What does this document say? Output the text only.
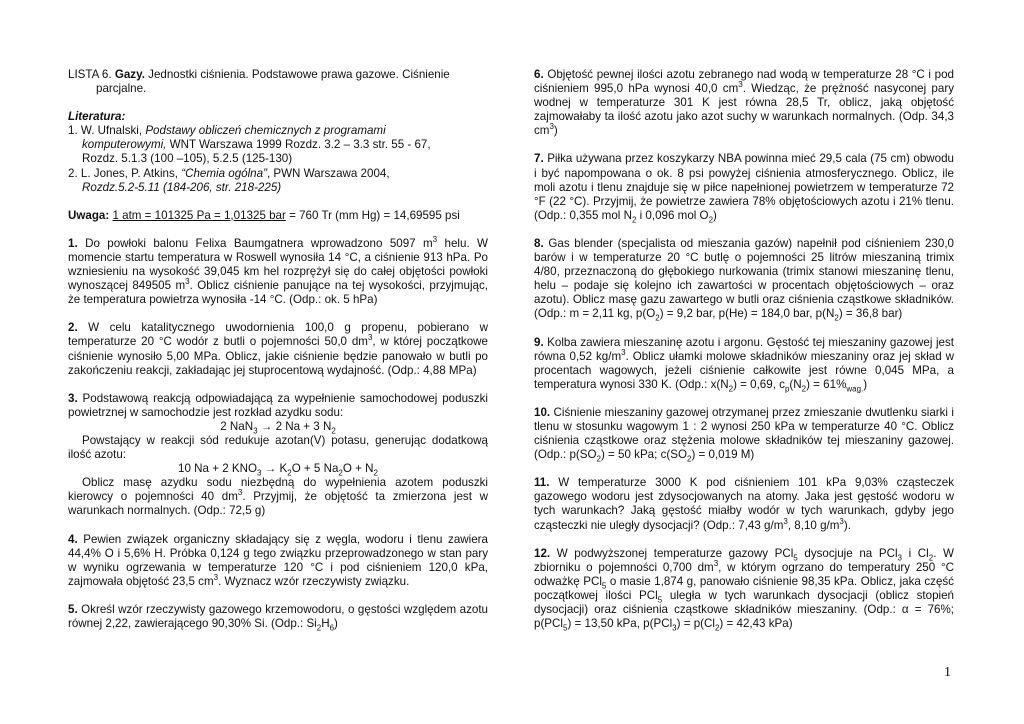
LISTA 6. Gazy. Jednostki ciśnienia. Podstawowe prawa gazowe. Ciśnienie
parcjalne.

Literatura:

1. W. Ufnalski, Podstawy obliczeń chemicznych z programami
komputerowymi, WNT Warszawa 1999 Rozdz. 3.2 – 3.3 str. 55 - 67,
Rozdz. 5.1.3 (100 –105), 5.2.5 (125-130)

2. L. Jones, P. Atkins, “Chemia ogólna”, PWN Warszawa 2004,
Rozdz.5.2-5.11 (184-206, str. 218-225)

Uwaga: 1 atm = 101325 Pa = 1,01325 bar = 760 Tr (mm Hg) = 14,69595 psi

1. Do powłoki balonu Felixa Baumgatnera wprowadzono 5097 $m^3$ helu. W momencie startu temperatura w Roswell wynosiła 14 °C, a ciśnienie 913 hPa. Po wzniesieniu na wysokość 39,045 km hel rozprężył się do całej objętości powłoki wynoszącej 849505 $m^3$. Oblicz ciśnienie panujące na tej wysokości, przyjmując, że temperatura powietrza wynosiła -14 °C. (Odp.: ok. 5 hPa)

2. W celu katalitycznego uwodornienia 100,0 g propenu, pobierano w temperaturze 20 °C wodór z butli o pojemności 50,0 $dm^3$, w której początkowe ciśnienie wynosiło 5,00 MPa. Oblicz, jakie ciśnienie będzie panowało w butli po zakończeniu reakcji, zakładając jej stuprocentową wydajność. (Odp.: 4,88 MPa)

3. Podstawową reakcją odpowiadającą za wypełnienie samochodowej poduszki powietrznej w samochodzie jest rozkład azydku sodu:

2 NaN$_3$ → 2 Na + 3 $N_2$

Powstający w reakcji sód redukuje azotan(V) potasu, generując dodatkową ilość azotu:

10 Na + 2 $KNO_3 \to K_2O + 5$ $Na_2O + N_2$

Oblicz masę azydku sodu niezbędną do wypełnienia azotem poduszki kierowcy o pojemności 40 $dm^3$. Przyjmij, że objętość ta zmierzona jest w warunkach normalnych. (Odp.: 72,5 g)

4. Pewien związek organiczny składający się z węgla, wodoru i tlenu zawiera 44,4% O i 5,6% H. Próbka 0,124 g tego związku przeprowadzonego w stan pary w wyniku ogrzewania w temperaturze 120 °C i pod ciśnieniem 120,0 kPa, zajmowała objętość 23,5 $cm^3$. Wyznacz wzór rzeczywisty związku.

5. Określ wzór rzeczywisty gazowego krzemowodoru, o gęstości względem azotu równej 2,22, zawierającego 90,30% Si. (Odp.: $Si_2H_6$)

6. Objętość pewnej ilości azotu zebranego nad wodą w temperaturze 28 °C i pod ciśnieniem 995,0 hPa wynosi 40,0 $cm^3$. Wiedząc, że prężność nasyconej pary wodnej w temperaturze 301 K jest równa 28,5 Tr, oblicz, jaką objętość zajmowałaby ta ilość azotu jako azot suchy w warunkach normalnych. (Odp. 34,3 $cm^3$)

7. Piłka używana przez koszykarzy NBA powinna mieć 29,5 cala (75 cm) obwodu i być napompowana o ok. 8 psi powyżej ciśnienia atmosferycznego. Oblicz, ile moli azotu i tlenu znajduje się w piłce napełnionej powietrzem w temperaturze 72 °F (22 °C). Przyjmij, że powietrze zawiera 78% objętościowych azotu i 21% tlenu. (Odp.: 0,355 mol $N_2$ i 0,096 mol $O_2$)

8. Gas blender (specjalista od mieszania gazów) napełnił pod ciśnieniem 230,0 barów i w temperaturze 20 °C butlę o pojemności 25 litrów mieszaniną trimix 4/80, przeznaczoną do głębokiego nurkowania (trimix stanowi mieszaninę tlenu, helu – podaje się kolejno ich zawartości w procentach objętościowych – oraz azotu). Oblicz masę gazu zawartego w butli oraz ciśnienia cząstkowe składników. (Odp.: m = 2,11 kg, $p(O_2) = 9,2$ bar, p(He) = 184,0 bar, $p(N_2) = 36,8$ bar)

9. Kolba zawiera mieszaninę azotu i argonu. Gęstość tej mieszaniny gazowej jest równa 0,52 $kg/m^3$. Oblicz ułamki molowe składników mieszaniny oraz jej skład w procentach wagowych, jeżeli ciśnienie całkowite jest równe 0,045 MPa, a temperatura wynosi 330 K. (Odp.: $x(N_2) = 0,69$, $c_p(N_2) = 61\%_{wag.}$)

10. Ciśnienie mieszaniny gazowej otrzymanej przez zmieszanie dwutlenku siarki i tlenu w stosunku wagowym 1 : 2 wynosi 250 kPa w temperaturze 40 °C. Oblicz ciśnienia cząstkowe oraz stężenia molowe składników tej mieszaniny gazowej. (Odp.: $p(SO_2) = 50$ kPa; $c(SO_2) = 0,019$ M)

11. W temperaturze 3000 K pod ciśnieniem 101 kPa 9,03% cząsteczek gazowego wodoru jest zdysocjowanych na atomy. Jaka jest gęstość wodoru w tych warunkach? Jaką gęstość miałby wodór w tych warunkach, gdyby jego cząsteczki nie uległy dysocjacji? (Odp.: 7,43 $g/m^3$, 8,10 $g/m^3$).

12. W podwyższonej temperaturze gazowy PCl$_5$ dysocjuje na PCl$_3$ i $Cl_2$. W zbiorniku o pojemności 0,700 $dm^3$, w którym ogrzano do temperatury 250 °C odważkę PCl$_5$ o masie 1,874 g, panowało ciśnienie 98,35 kPa. Oblicz, jaka część początkowej ilości PCl$_5$ uległa w tych warunkach dysocjacji (oblicz stopień dysocjacji) oraz ciśnienia cząstkowe składników mieszaniny. (Odp.: α = 76%; p(PCl$_5$) = 13,50 kPa, $p(PCl_3) = p(Cl_2) = 42,43$ kPa)

1
